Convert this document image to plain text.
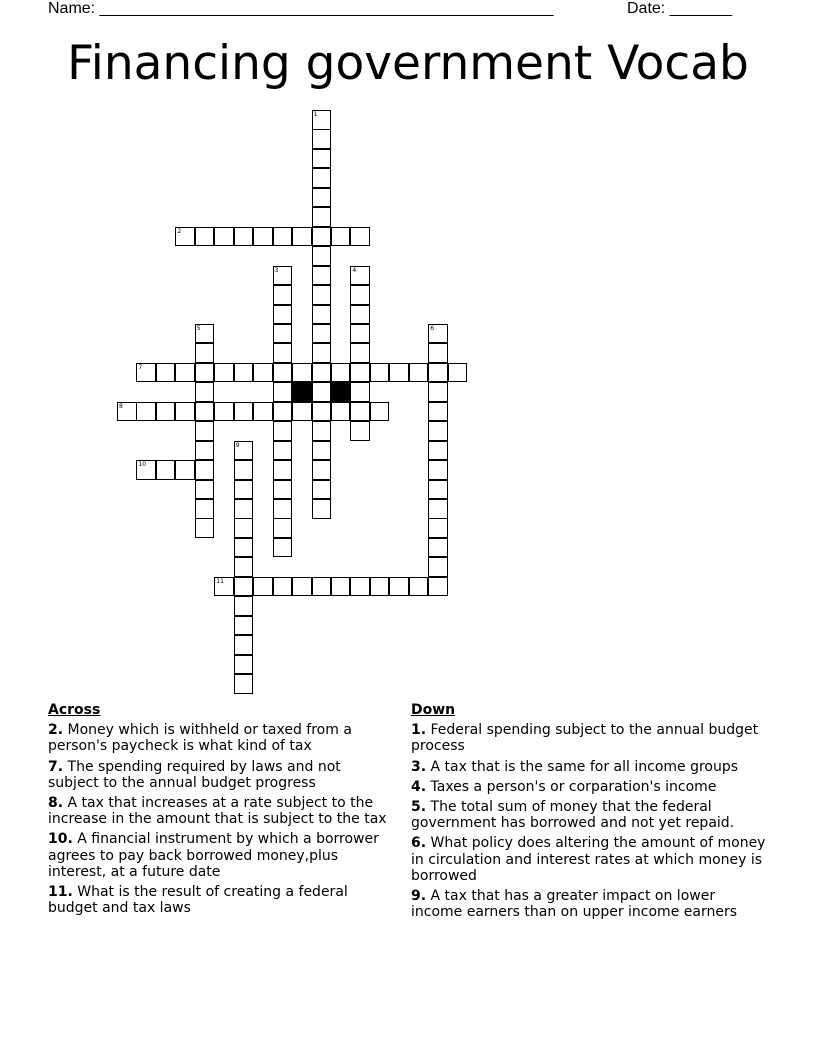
Name: ___________________________________________________	Date: _______
Financing government Vocab
1
2
3	4
5	6
7
8
9
10
11
Across
2. Money which is withheld or taxed from a person's paycheck is what kind of tax
7. The spending required by laws and not subject to the annual budget progress
8. A tax that increases at a rate subject to the increase in the amount that is subject to the tax
10. A financial instrument by which a borrower agrees to pay back borrowed money,plus interest, at a future date
11. What is the result of creating a federal budget and tax laws
Down
1. Federal spending subject to the annual budget process
3. A tax that is the same for all income groups
4. Taxes a person's or corparation's income
5. The total sum of money that the federal government has borrowed and not yet repaid.
6. What policy does altering the amount of money in circulation and interest rates at which money is borrowed
9. A tax that has a greater impact on lower income earners than on upper income earners
